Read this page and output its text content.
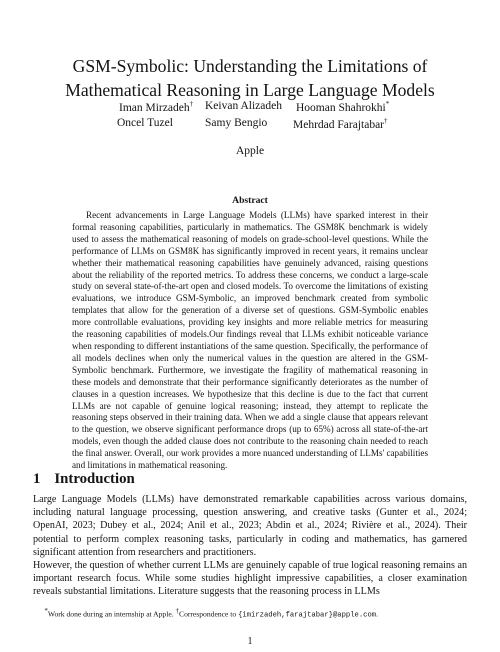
GSM-Symbolic: Understanding the Limitations of Mathematical Reasoning in Large Language Models
Iman Mirzadeh† Keivan Alizadeh Hooman Shahrokhi*
Oncel Tuzel	Samy Bengio Mehrdad Farajtabar†
Apple
Abstract

Recent advancements in Large Language Models (LLMs) have sparked interest in their formal reasoning capabilities, particularly in mathematics. The GSM8K benchmark is widely used to assess the mathematical reasoning of models on grade-school-level questions. While the performance of LLMs on GSM8K has significantly improved in recent years, it remains unclear whether their mathematical reasoning capabilities have genuinely advanced, raising questions about the reliability of the reported metrics. To address these concerns, we conduct a large-scale study on several state-of-the-art open and closed models. To overcome the limitations of existing evaluations, we introduce GSM-Symbolic, an improved benchmark created from symbolic templates that allow for the generation of a diverse set of questions. GSM-Symbolic enables more controllable evaluations, providing key insights and more reliable metrics for measuring the reasoning capabilities of models.Our findings reveal that LLMs exhibit noticeable variance when responding to different instantiations of the same question. Specifically, the performance of all models declines when only the numerical values in the question are altered in the GSM-Symbolic benchmark. Furthermore, we investigate the fragility of mathematical reasoning in these models and demonstrate that their performance significantly deteriorates as the number of clauses in a question increases. We hypothesize that this decline is due to the fact that current LLMs are not capable of genuine logical reasoning; instead, they attempt to replicate the reasoning steps observed in their training data. When we add a single clause that appears relevant to the question, we observe significant performance drops (up to 65%) across all state-of-the-art models, even though the added clause does not contribute to the reasoning chain needed to reach the final answer. Overall, our work provides a more nuanced understanding of LLMs' capabilities and limitations in mathematical reasoning.

1 Introduction

Large Language Models (LLMs) have demonstrated remarkable capabilities across various domains, including natural language processing, question answering, and creative tasks (Gunter et al., 2024; OpenAI, 2023; Dubey et al., 2024; Anil et al., 2023; Abdin et al., 2024; Rivière et al., 2024). Their potential to perform complex reasoning tasks, particularly in coding and mathematics, has garnered significant attention from researchers and practitioners.

However, the question of whether current LLMs are genuinely capable of true logical reasoning remains an important research focus. While some studies highlight impressive capabilities, a closer examination reveals substantial limitations. Literature suggests that the reasoning process in LLMs

*Work done during an internship at Apple. †Correspondence to {imirzadeh,farajtabar}@apple.com.
1
